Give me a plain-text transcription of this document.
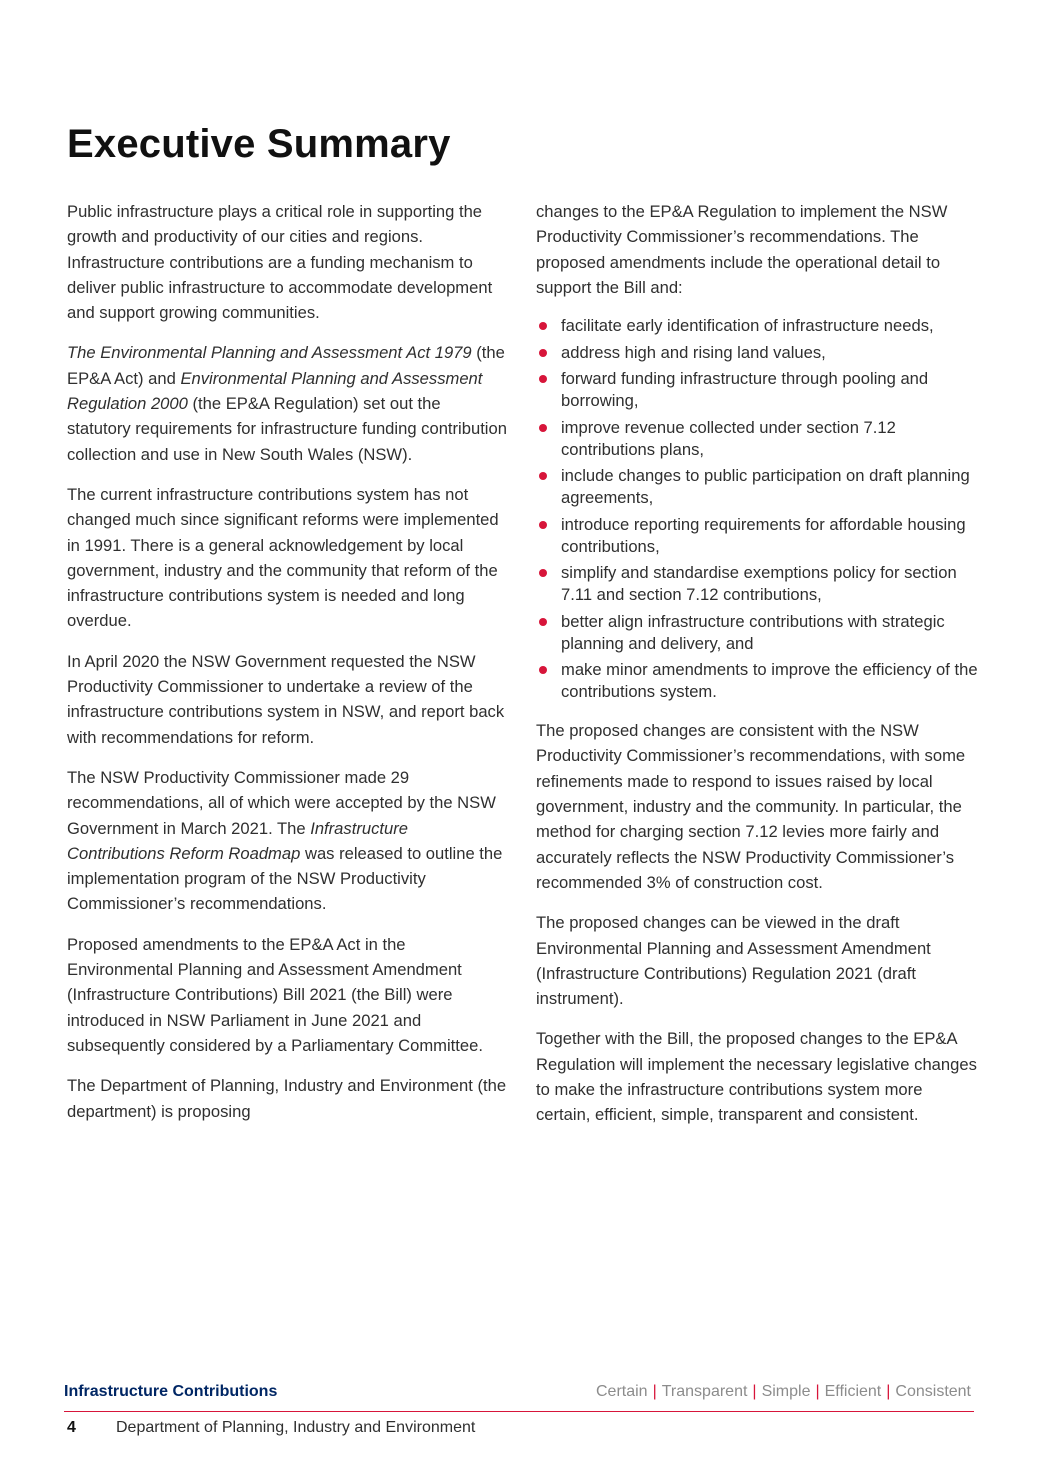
Executive Summary

Public infrastructure plays a critical role in supporting the growth and productivity of our cities and regions. Infrastructure contributions are a funding mechanism to deliver public infrastructure to accommodate development and support growing communities.

The Environmental Planning and Assessment Act 1979 (the EP&A Act) and Environmental Planning and Assessment Regulation 2000 (the EP&A Regulation) set out the statutory requirements for infrastructure funding contribution collection and use in New South Wales (NSW).

The current infrastructure contributions system has not changed much since significant reforms were implemented in 1991. There is a general acknowledgement by local government, industry and the community that reform of the infrastructure contributions system is needed and long overdue.

In April 2020 the NSW Government requested the NSW Productivity Commissioner to undertake a review of the infrastructure contributions system in NSW, and report back with recommendations for reform.

The NSW Productivity Commissioner made 29 recommendations, all of which were accepted by the NSW Government in March 2021. The Infrastructure Contributions Reform Roadmap was released to outline the implementation program of the NSW Productivity Commissioner’s recommendations.

Proposed amendments to the EP&A Act in the Environmental Planning and Assessment Amendment (Infrastructure Contributions) Bill 2021 (the Bill) were introduced in NSW Parliament in June 2021 and subsequently considered by a Parliamentary Committee.

The Department of Planning, Industry and Environment (the department) is proposing

changes to the EP&A Regulation to implement the NSW Productivity Commissioner’s recommendations. The proposed amendments include the operational detail to support the Bill and:

facilitate early identification of infrastructure needs,
address high and rising land values,
forward funding infrastructure through pooling and borrowing,
improve revenue collected under section 7.12 contributions plans,
include changes to public participation on draft planning agreements,
introduce reporting requirements for affordable housing contributions,
simplify and standardise exemptions policy for section 7.11 and section 7.12 contributions,
better align infrastructure contributions with strategic planning and delivery, and
make minor amendments to improve the efficiency of the contributions system.

The proposed changes are consistent with the NSW Productivity Commissioner’s recommendations, with some refinements made to respond to issues raised by local government, industry and the community. In particular, the method for charging section 7.12 levies more fairly and accurately reflects the NSW Productivity Commissioner’s recommended 3% of construction cost.

The proposed changes can be viewed in the draft Environmental Planning and Assessment Amendment (Infrastructure Contributions) Regulation 2021 (draft instrument).

Together with the Bill, the proposed changes to the EP&A Regulation will implement the necessary legislative changes to make the infrastructure contributions system more certain, efficient, simple, transparent and consistent.

Infrastructure Contributions	Certain | Transparent | Simple | Efficient | Consistent
4	Department of Planning, Industry and Environment
